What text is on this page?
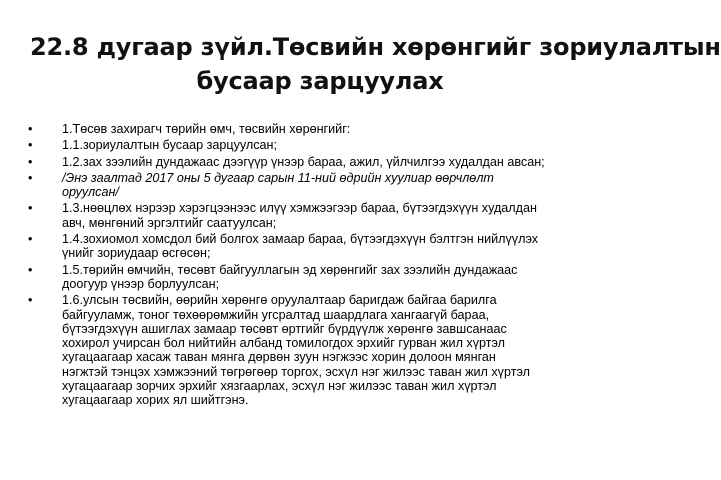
22.8 дугаар зүйл.Төсвийн хөрөнгийг зориулалтын
бусаар зарцуулах
•	1.Төсөв захирагч төрийн өмч, төсвийн хөрөнгийг:
•	1.1.зориулалтын бусаар зарцуулсан;
•	1.2.зах зээлийн дундажаас дээгүүр үнээр бараа, ажил, үйлчилгээ худалдан авсан;
•	/Энэ заалтад 2017 оны 5 дугаар сарын 11-ний өдрийн хуулиар өөрчлөлт
оруулсан/
•	1.3.нөөцлөх нэрээр хэрэгцээнээс илүү хэмжээгээр бараа, бүтээгдэхүүн худалдан
авч, мөнгөний эргэлтийг саатуулсан;
•	1.4.зохиомол хомсдол бий болгох замаар бараа, бүтээгдэхүүн бэлтгэн нийлүүлэх
үнийг зориудаар өсгөсөн;
•	1.5.төрийн өмчийн, төсөвт байгууллагын эд хөрөнгийг зах зээлийн дундажаас
доогуур үнээр борлуулсан;
•	1.6.улсын төсвийн, өөрийн хөрөнгө оруулалтаар баригдаж байгаа барилга
байгууламж, тоног төхөөрөмжийн угсралтад шаардлага хангаагүй бараа,
бүтээгдэхүүн ашиглах замаар төсөвт өртгийг бүрдүүлж хөрөнгө завшсанаас
хохирол учирсан бол нийтийн албанд томилогдох эрхийг гурван жил хүртэл
хугацаагаар хасаж таван мянга дөрвөн зуун нэгжээс хорин долоон мянган
нэгжтэй тэнцэх хэмжээний төгрөгөөр торгох, эсхүл нэг жилээс таван жил хүртэл
хугацаагаар зорчих эрхийг хязгаарлах, эсхүл нэг жилээс таван жил хүртэл
хугацаагаар хорих ял шийтгэнэ.
